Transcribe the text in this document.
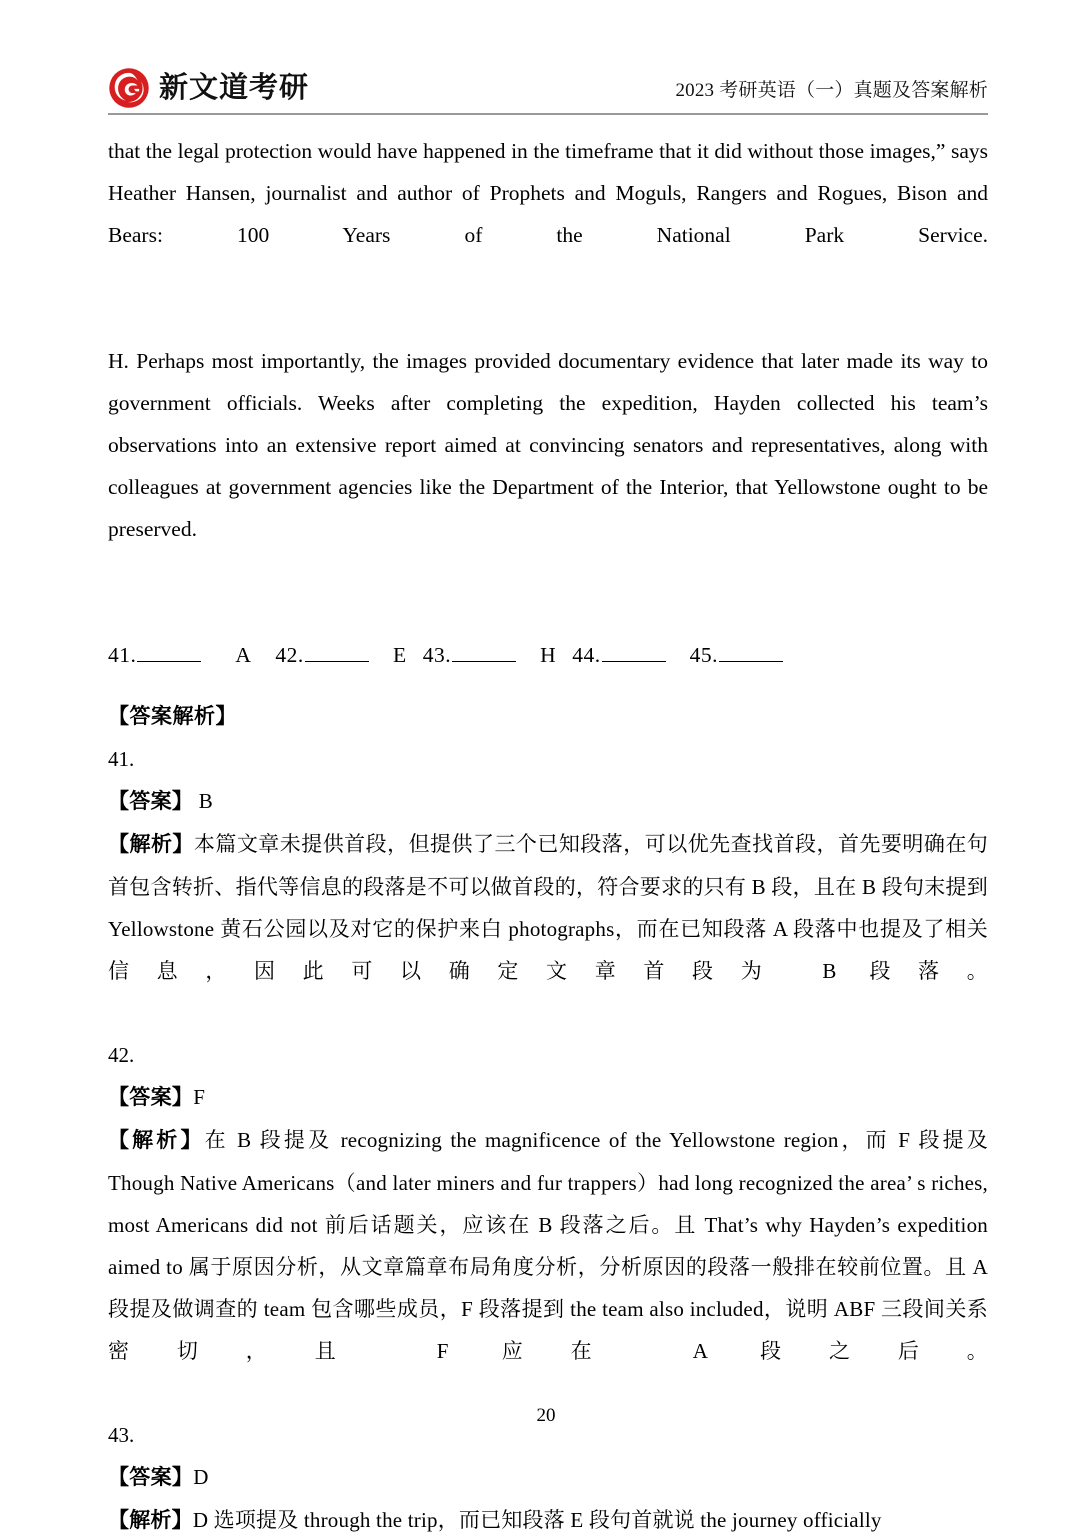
新文道考研	2023 考研英语（一）真题及答案解析

that the legal protection would have happened in the timeframe that it did without those images,” says Heather Hansen, journalist and author of Prophets and Moguls, Rangers and Rogues, Bison and Bears: 100 Years of the National Park Service.

H. Perhaps most importantly, the images provided documentary evidence that later made its way to government officials. Weeks after completing the expedition, Hayden collected his team’s observations into an extensive report aimed at convincing senators and representatives, along with colleagues at government agencies like the Department of the Interior, that Yellowstone ought to be preserved.

41.	A 42.	E 43.	H 44.	45.
【答案解析】
41.
【答案】 B
【解析】本篇文章未提供首段，但提供了三个已知段落，可以优先查找首段，首先要明确在句首包含转折、指代等信息的段落是不可以做首段的，符合要求的只有 B 段，且在 B 段句末提到 Yellowstone 黄石公园以及对它的保护来白 photographs，而在已知段落 A 段落中也提及了相关信息，因此可以确定文章首段为 B 段落。
42.
【答案】F
【解析】在 B 段提及 recognizing the magnificence of the Yellowstone region，而 F 段提及 Though Native Americans（and later miners and fur trappers）had long recognized the area’ s riches, most Americans did not 前后话题关，应该在 B 段落之后。且 That’s why Hayden’s expedition aimed to 属于原因分析，从文章篇章布局角度分析，分析原因的段落一般排在较前位置。且 A 段提及做调查的 team 包含哪些成员，F 段落提到 the team also included，说明 ABF 三段间关系密切，且 F 应在 A 段之后。
43.
【答案】D
【解析】D 选项提及 through the trip，而已知段落 E 段句首就说 the journey officially
20
